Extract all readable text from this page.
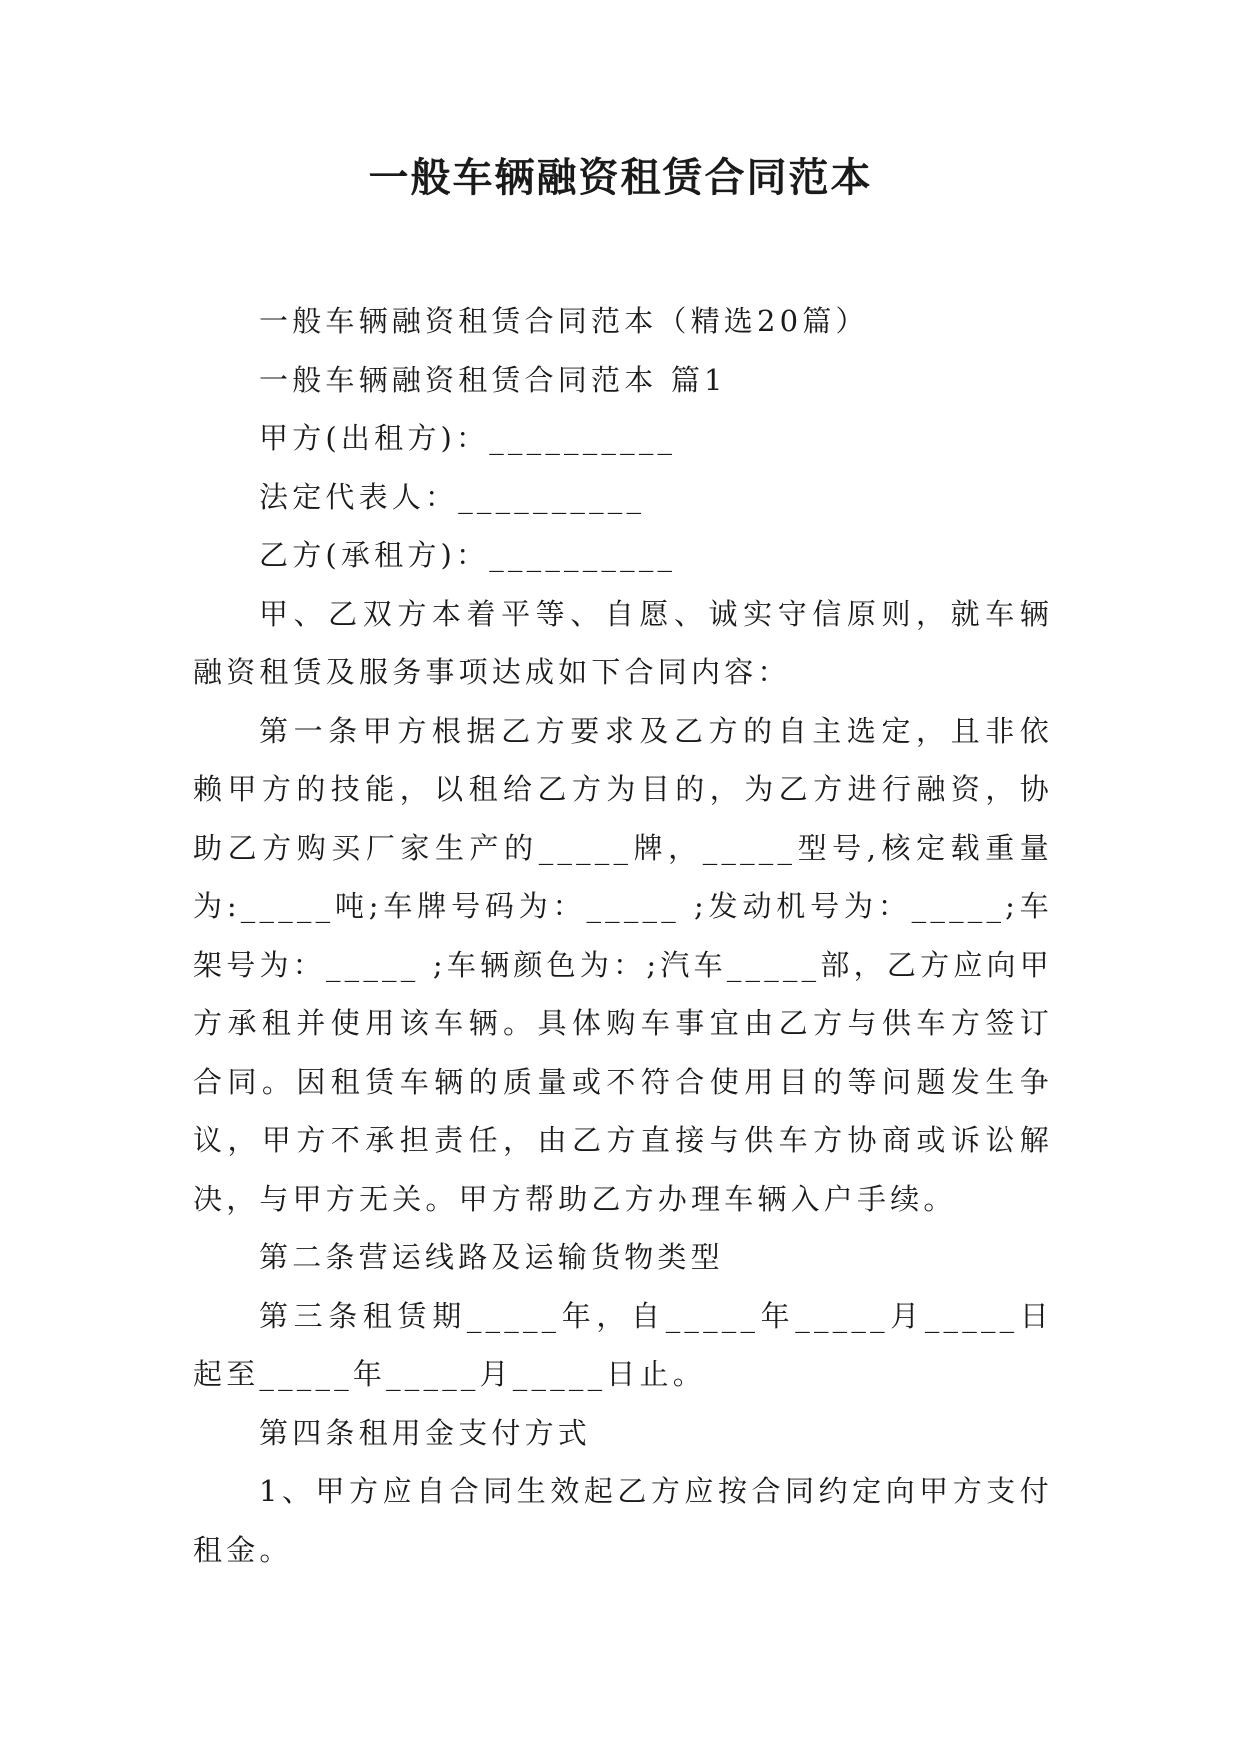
一般车辆融资租赁合同范本

一般车辆融资租赁合同范本（精选20篇）

一般车辆融资租赁合同范本 篇1

甲方(出租方)：__________

法定代表人：__________

乙方(承租方)：__________

甲、乙双方本着平等、自愿、诚实守信原则，就车辆融资租赁及服务事项达成如下合同内容：

第一条甲方根据乙方要求及乙方的自主选定，且非依赖甲方的技能，以租给乙方为目的，为乙方进行融资，协助乙方购买厂家生产的_____牌，_____型号,核定载重量为:_____吨;车牌号码为：_____ ;发动机号为：_____;车架号为：_____ ;车辆颜色为：;汽车_____部，乙方应向甲方承租并使用该车辆。具体购车事宜由乙方与供车方签订合同。因租赁车辆的质量或不符合使用目的等问题发生争议，甲方不承担责任，由乙方直接与供车方协商或诉讼解决，与甲方无关。甲方帮助乙方办理车辆入户手续。

第二条营运线路及运输货物类型

第三条租赁期_____年，自_____年_____月_____日起至_____年_____月_____日止。

第四条租用金支付方式

1、甲方应自合同生效起乙方应按合同约定向甲方支付租金。
